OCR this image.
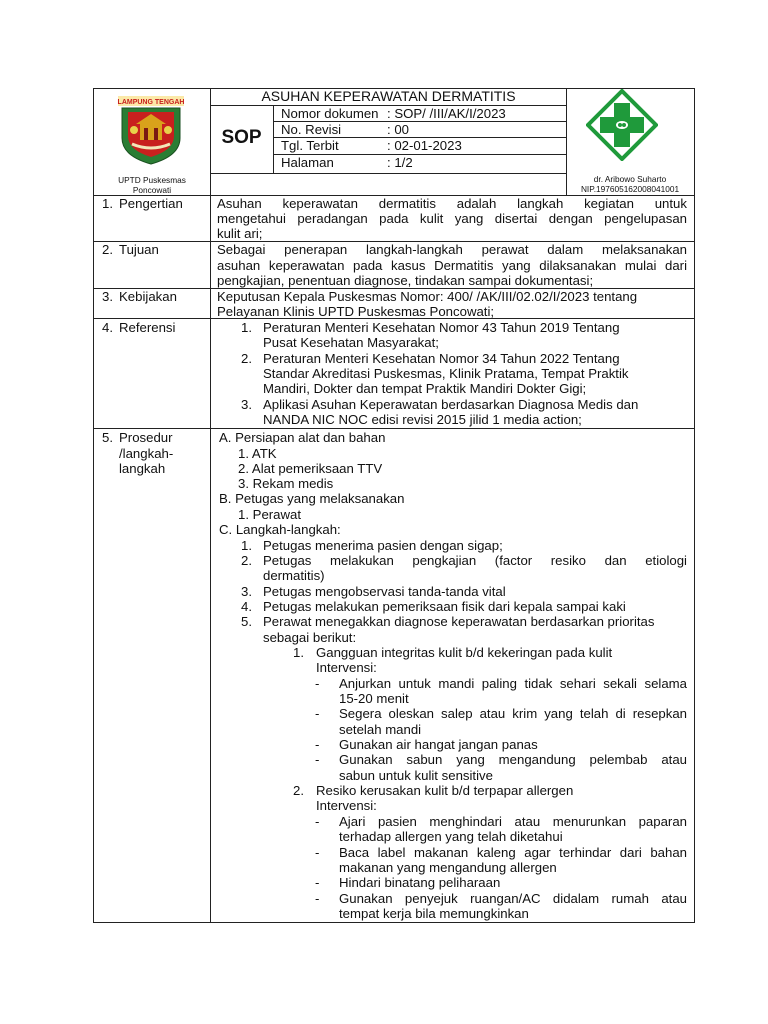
LAMPUNG TENGAH
UPTD Puskesmas
Poncowati
ASUHAN KEPERAWATAN DERMATITIS
SOP
Nomor dokumen : SOP/ /III/AK/I/2023
No. Revisi	: 00
Tgl. Terbit	: 02-01-2023
Halaman	: 1/2
dr. Aribowo Suharto
NIP.197605162008041001
1. Pengertian	Asuhan keperawatan dermatitis adalah langkah kegiatan untuk
mengetahui peradangan pada kulit yang disertai dengan pengelupasan
kulit ari;
2. Tujuan	Sebagai penerapan langkah-langkah perawat dalam melaksanakan
asuhan keperawatan pada kasus Dermatitis yang dilaksanakan mulai dari
pengkajian, penentuan diagnose, tindakan sampai dokumentasi;
3. Kebijakan	Keputusan Kepala Puskesmas Nomor: 400/ /AK/III/02.02/I/2023 tentang
Pelayanan Klinis UPTD Puskesmas Poncowati;
4. Referensi	1. Peraturan Menteri Kesehatan Nomor 43 Tahun 2019 Tentang
Pusat Kesehatan Masyarakat;
2. Peraturan Menteri Kesehatan Nomor 34 Tahun 2022 Tentang
Standar Akreditasi Puskesmas, Klinik Pratama, Tempat Praktik
Mandiri, Dokter dan tempat Praktik Mandiri Dokter Gigi;
3. Aplikasi Asuhan Keperawatan berdasarkan Diagnosa Medis dan
NANDA NIC NOC edisi revisi 2015 jilid 1 media action;
5. Prosedur
/langkah-
langkah
A. Persiapan alat dan bahan
1. ATK
2. Alat pemeriksaan TTV
3. Rekam medis
B. Petugas yang melaksanakan
1. Perawat
C. Langkah-langkah:
1. Petugas menerima pasien dengan sigap;
2. Petugas melakukan pengkajian (factor resiko dan etiologi
dermatitis)
3. Petugas mengobservasi tanda-tanda vital
4. Petugas melakukan pemeriksaan fisik dari kepala sampai kaki
5. Perawat menegakkan diagnose keperawatan berdasarkan prioritas
sebagai berikut:
1. Gangguan integritas kulit b/d kekeringan pada kulit
Intervensi:
- Anjurkan untuk mandi paling tidak sehari sekali selama
15-20 menit
- Segera oleskan salep atau krim yang telah di resepkan
setelah mandi
- Gunakan air hangat jangan panas
- Gunakan sabun yang mengandung pelembab atau
sabun untuk kulit sensitive
2. Resiko kerusakan kulit b/d terpapar allergen
Intervensi:
- Ajari pasien menghindari atau menurunkan paparan
terhadap allergen yang telah diketahui
- Baca label makanan kaleng agar terhindar dari bahan
makanan yang mengandung allergen
- Hindari binatang peliharaan
- Gunakan penyejuk ruangan/AC didalam rumah atau
tempat kerja bila memungkinkan
